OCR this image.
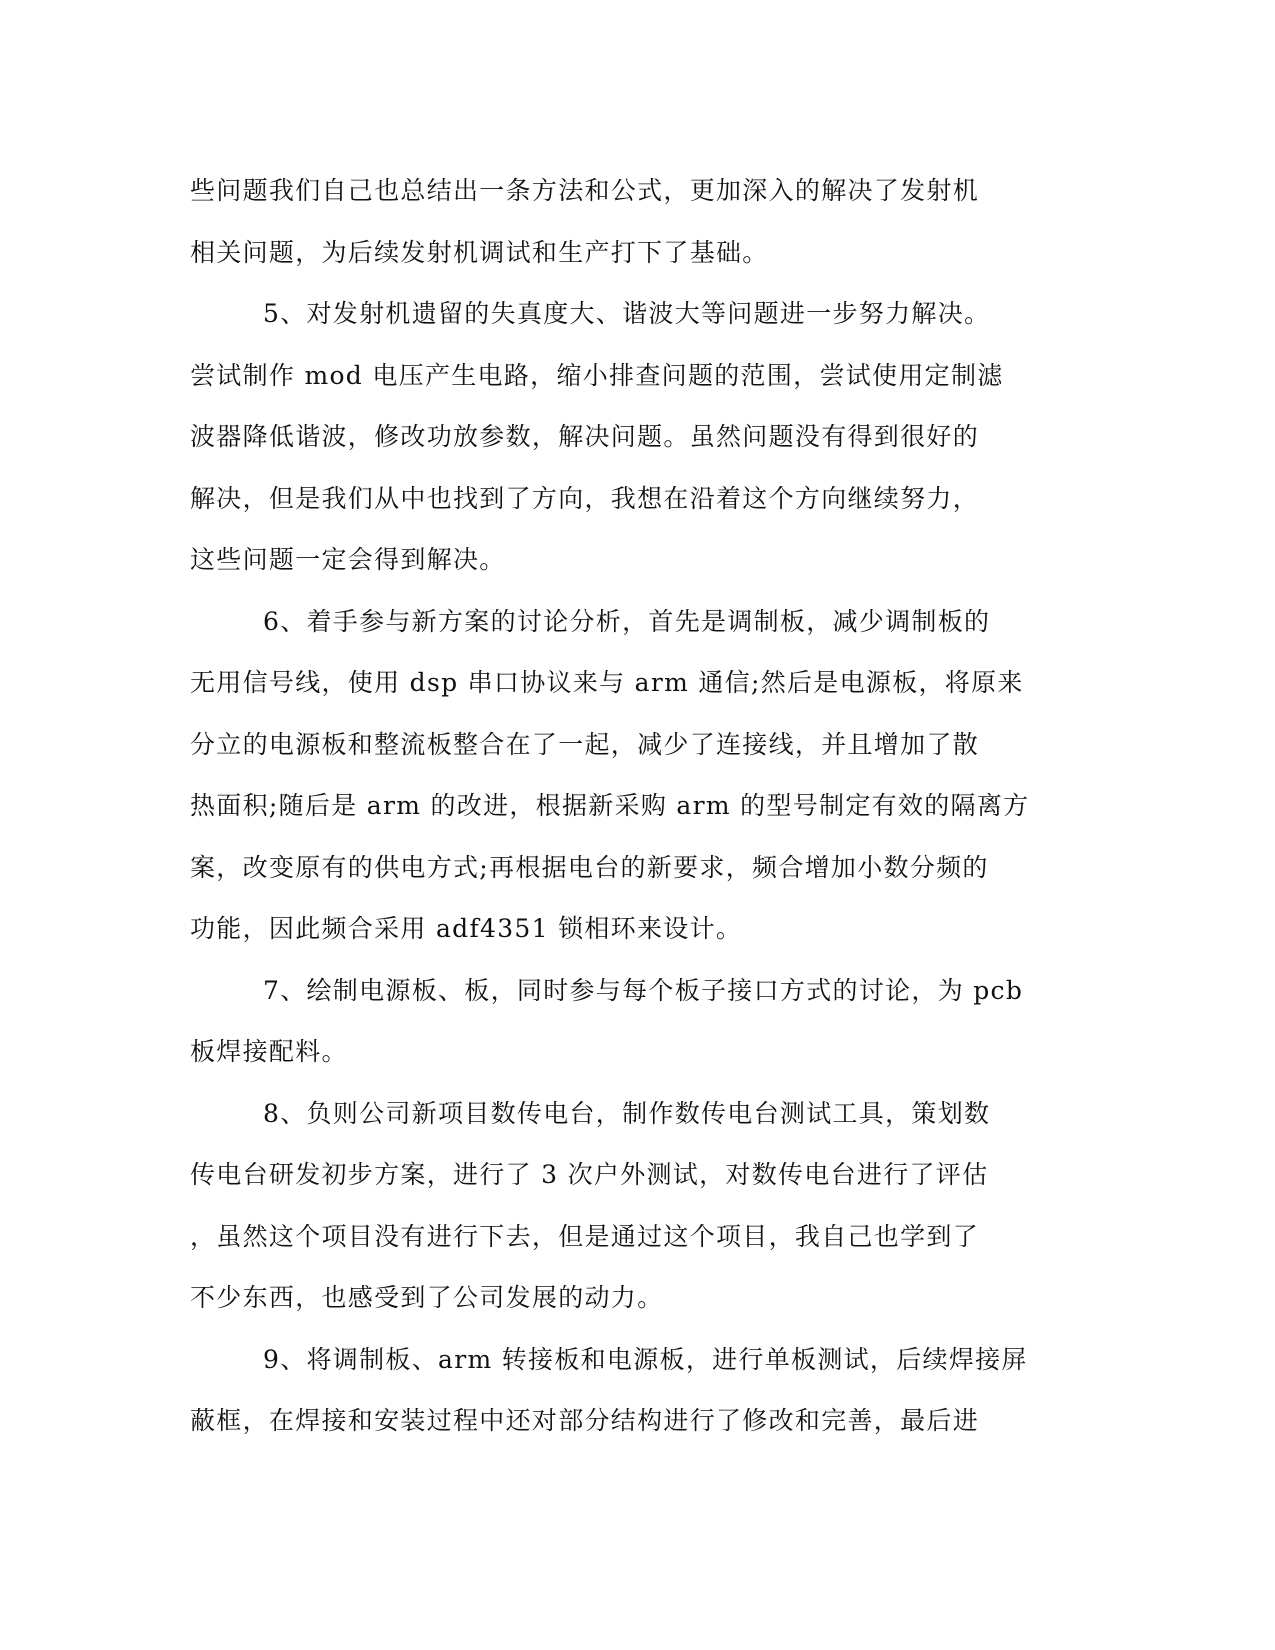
些问题我们自己也总结出一条方法和公式，更加深入的解决了发射机
相关问题，为后续发射机调试和生产打下了基础。
5、对发射机遗留的失真度大、谐波大等问题进一步努力解决。
尝试制作 mod 电压产生电路，缩小排查问题的范围，尝试使用定制滤
波器降低谐波，修改功放参数，解决问题。虽然问题没有得到很好的
解决，但是我们从中也找到了方向，我想在沿着这个方向继续努力，
这些问题一定会得到解决。
6、着手参与新方案的讨论分析，首先是调制板，减少调制板的
无用信号线，使用 dsp 串口协议来与 arm 通信;然后是电源板，将原来
分立的电源板和整流板整合在了一起，减少了连接线，并且增加了散
热面积;随后是 arm 的改进，根据新采购 arm 的型号制定有效的隔离方
案，改变原有的供电方式;再根据电台的新要求，频合增加小数分频的
功能，因此频合采用 adf4351 锁相环来设计。
7、绘制电源板、板，同时参与每个板子接口方式的讨论，为 pcb
板焊接配料。
8、负则公司新项目数传电台，制作数传电台测试工具，策划数
传电台研发初步方案，进行了 3 次户外测试，对数传电台进行了评估
，虽然这个项目没有进行下去，但是通过这个项目，我自己也学到了
不少东西，也感受到了公司发展的动力。
9、将调制板、arm 转接板和电源板，进行单板测试，后续焊接屏
蔽框，在焊接和安装过程中还对部分结构进行了修改和完善，最后进
